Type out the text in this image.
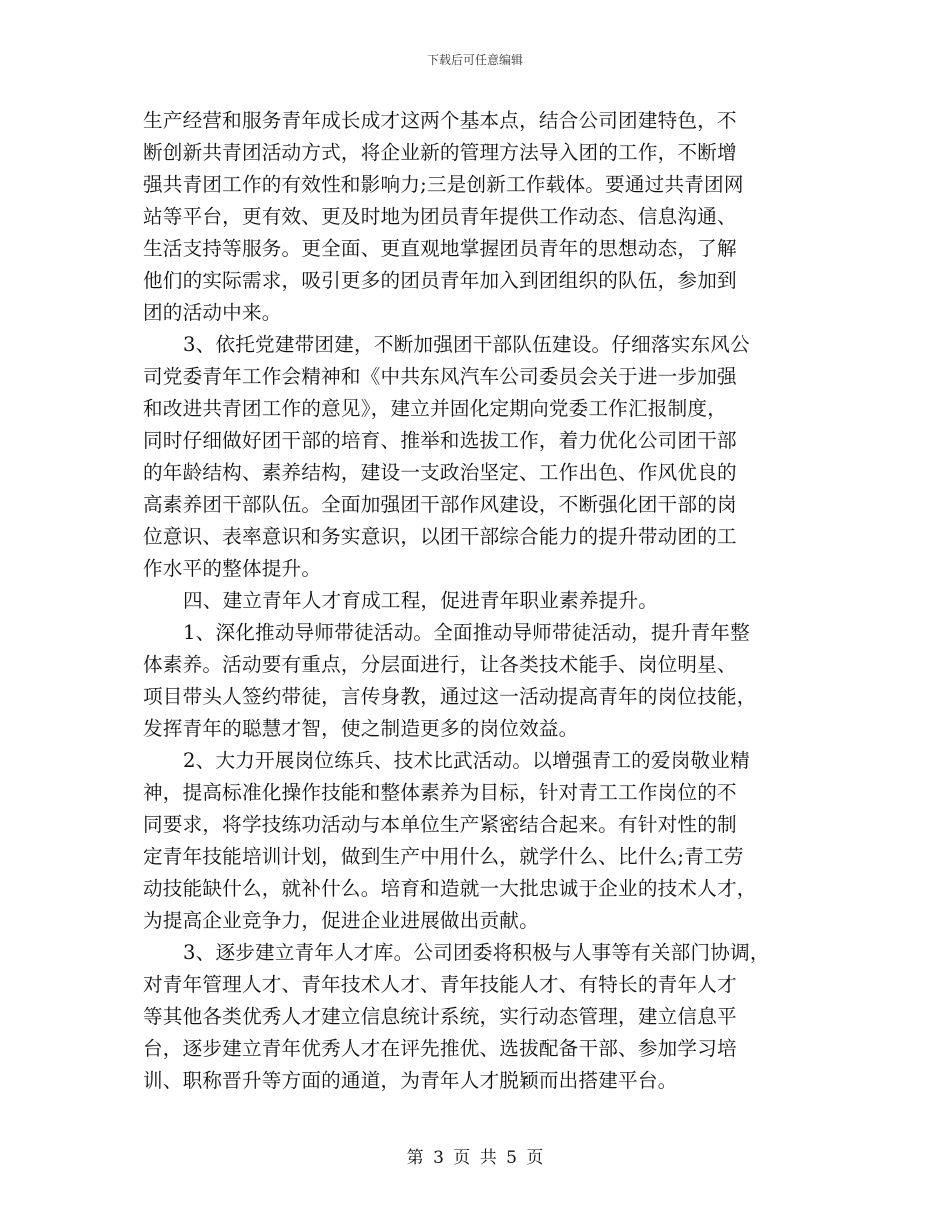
下载后可任意编辑
生产经营和服务青年成长成才这两个基本点，结合公司团建特色，不
断创新共青团活动方式，将企业新的管理方法导入团的工作，不断增
强共青团工作的有效性和影响力;三是创新工作载体。要通过共青团网
站等平台，更有效、更及时地为团员青年提供工作动态、信息沟通、
生活支持等服务。更全面、更直观地掌握团员青年的思想动态，了解
他们的实际需求，吸引更多的团员青年加入到团组织的队伍，参加到
团的活动中来。
3、依托党建带团建，不断加强团干部队伍建设。仔细落实东风公
司党委青年工作会精神和《中共东风汽车公司委员会关于进一步加强
和改进共青团工作的意见》，建立并固化定期向党委工作汇报制度，
同时仔细做好团干部的培育、推举和选拔工作，着力优化公司团干部
的年龄结构、素养结构，建设一支政治坚定、工作出色、作风优良的
高素养团干部队伍。全面加强团干部作风建设，不断强化团干部的岗
位意识、表率意识和务实意识，以团干部综合能力的提升带动团的工
作水平的整体提升。
四、建立青年人才育成工程，促进青年职业素养提升。
1、深化推动导师带徒活动。全面推动导师带徒活动，提升青年整
体素养。活动要有重点，分层面进行，让各类技术能手、岗位明星、
项目带头人签约带徒，言传身教，通过这一活动提高青年的岗位技能，
发挥青年的聪慧才智，使之制造更多的岗位效益。
2、大力开展岗位练兵、技术比武活动。以增强青工的爱岗敬业精
神，提高标准化操作技能和整体素养为目标，针对青工工作岗位的不
同要求，将学技练功活动与本单位生产紧密结合起来。有针对性的制
定青年技能培训计划，做到生产中用什么，就学什么、比什么;青工劳
动技能缺什么，就补什么。培育和造就一大批忠诚于企业的技术人才，
为提高企业竞争力，促进企业进展做出贡献。
3、逐步建立青年人才库。公司团委将积极与人事等有关部门协调，
对青年管理人才、青年技术人才、青年技能人才、有特长的青年人才
等其他各类优秀人才建立信息统计系统，实行动态管理，建立信息平
台，逐步建立青年优秀人才在评先推优、选拔配备干部、参加学习培
训、职称晋升等方面的通道，为青年人才脱颖而出搭建平台。
第 3 页 共 5 页
